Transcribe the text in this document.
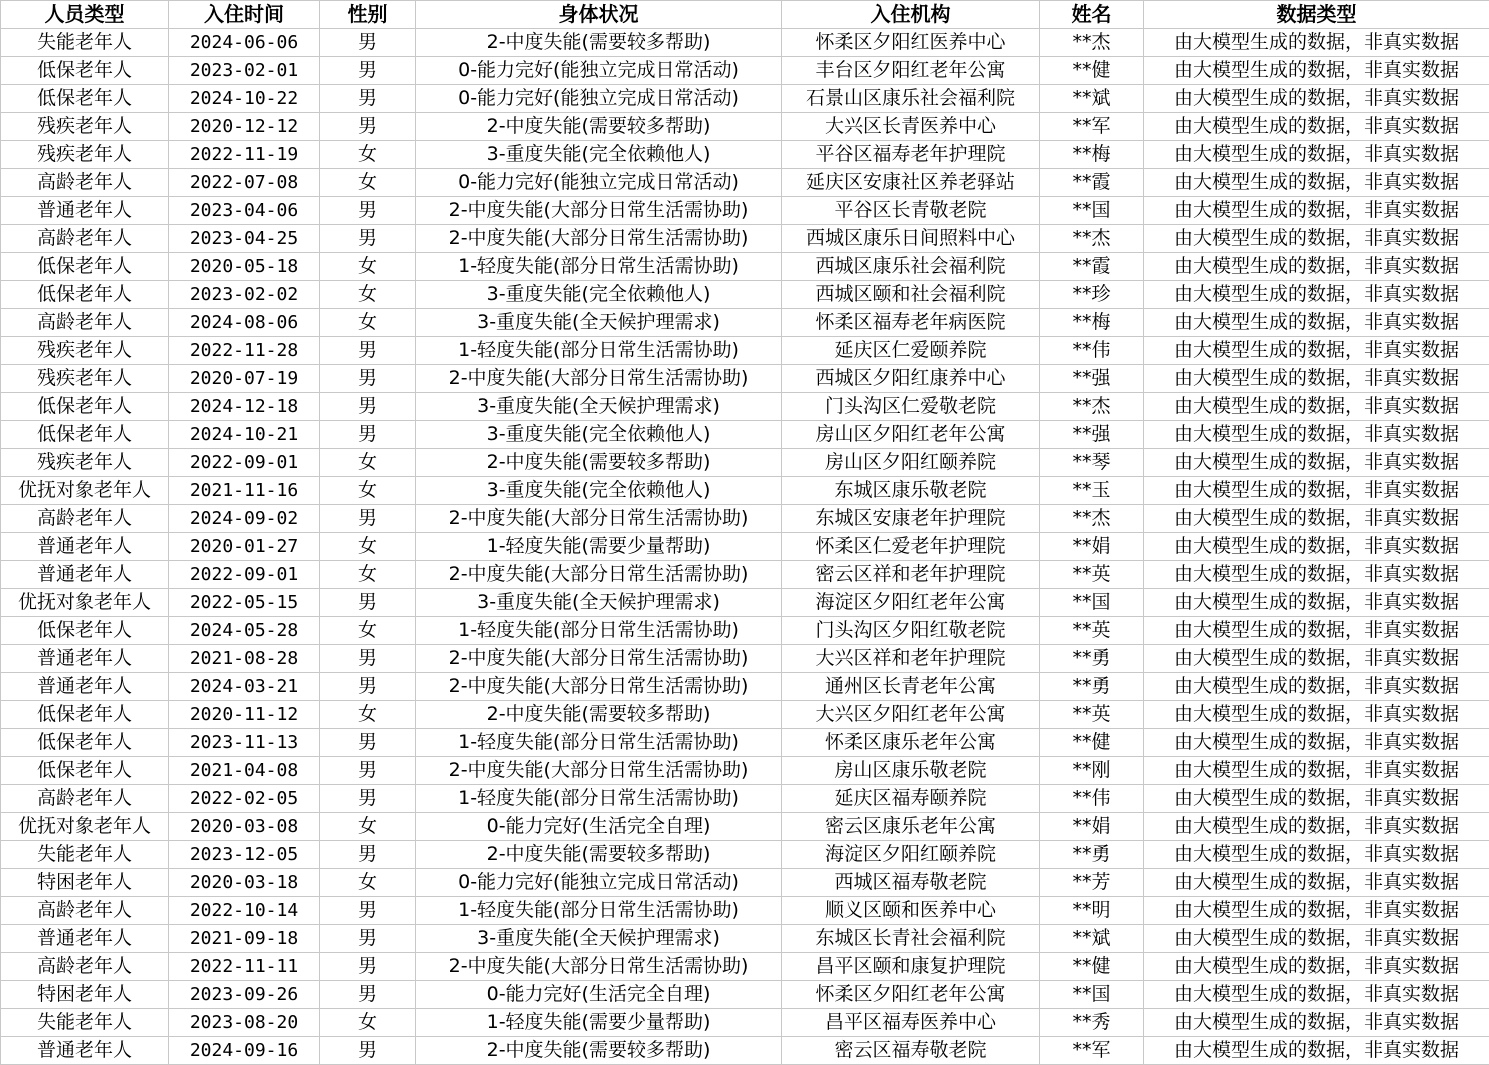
人员类型	入住时间	性别	身体状况	入住机构	姓名	数据类型
失能老年人	2024-06-06	男	2-中度失能(需要较多帮助)	怀柔区夕阳红医养中心	**杰	由大模型生成的数据，非真实数据
低保老年人	2023-02-01	男	0-能力完好(能独立完成日常活动)	丰台区夕阳红老年公寓	**健	由大模型生成的数据，非真实数据
低保老年人	2024-10-22	男	0-能力完好(能独立完成日常活动)	石景山区康乐社会福利院	**斌	由大模型生成的数据，非真实数据
残疾老年人	2020-12-12	男	2-中度失能(需要较多帮助)	大兴区长青医养中心	**军	由大模型生成的数据，非真实数据
残疾老年人	2022-11-19	女	3-重度失能(完全依赖他人)	平谷区福寿老年护理院	**梅	由大模型生成的数据，非真实数据
高龄老年人	2022-07-08	女	0-能力完好(能独立完成日常活动)	延庆区安康社区养老驿站	**霞	由大模型生成的数据，非真实数据
普通老年人	2023-04-06	男	2-中度失能(大部分日常生活需协助)	平谷区长青敬老院	**国	由大模型生成的数据，非真实数据
高龄老年人	2023-04-25	男	2-中度失能(大部分日常生活需协助)	西城区康乐日间照料中心	**杰	由大模型生成的数据，非真实数据
低保老年人	2020-05-18	女	1-轻度失能(部分日常生活需协助)	西城区康乐社会福利院	**霞	由大模型生成的数据，非真实数据
低保老年人	2023-02-02	女	3-重度失能(完全依赖他人)	西城区颐和社会福利院	**珍	由大模型生成的数据，非真实数据
高龄老年人	2024-08-06	女	3-重度失能(全天候护理需求)	怀柔区福寿老年病医院	**梅	由大模型生成的数据，非真实数据
残疾老年人	2022-11-28	男	1-轻度失能(部分日常生活需协助)	延庆区仁爱颐养院	**伟	由大模型生成的数据，非真实数据
残疾老年人	2020-07-19	男	2-中度失能(大部分日常生活需协助)	西城区夕阳红康养中心	**强	由大模型生成的数据，非真实数据
低保老年人	2024-12-18	男	3-重度失能(全天候护理需求)	门头沟区仁爱敬老院	**杰	由大模型生成的数据，非真实数据
低保老年人	2024-10-21	男	3-重度失能(完全依赖他人)	房山区夕阳红老年公寓	**强	由大模型生成的数据，非真实数据
残疾老年人	2022-09-01	女	2-中度失能(需要较多帮助)	房山区夕阳红颐养院	**琴	由大模型生成的数据，非真实数据
优抚对象老年人	2021-11-16	女	3-重度失能(完全依赖他人)	东城区康乐敬老院	**玉	由大模型生成的数据，非真实数据
高龄老年人	2024-09-02	男	2-中度失能(大部分日常生活需协助)	东城区安康老年护理院	**杰	由大模型生成的数据，非真实数据
普通老年人	2020-01-27	女	1-轻度失能(需要少量帮助)	怀柔区仁爱老年护理院	**娟	由大模型生成的数据，非真实数据
普通老年人	2022-09-01	女	2-中度失能(大部分日常生活需协助)	密云区祥和老年护理院	**英	由大模型生成的数据，非真实数据
优抚对象老年人	2022-05-15	男	3-重度失能(全天候护理需求)	海淀区夕阳红老年公寓	**国	由大模型生成的数据，非真实数据
低保老年人	2024-05-28	女	1-轻度失能(部分日常生活需协助)	门头沟区夕阳红敬老院	**英	由大模型生成的数据，非真实数据
普通老年人	2021-08-28	男	2-中度失能(大部分日常生活需协助)	大兴区祥和老年护理院	**勇	由大模型生成的数据，非真实数据
普通老年人	2024-03-21	男	2-中度失能(大部分日常生活需协助)	通州区长青老年公寓	**勇	由大模型生成的数据，非真实数据
低保老年人	2020-11-12	女	2-中度失能(需要较多帮助)	大兴区夕阳红老年公寓	**英	由大模型生成的数据，非真实数据
低保老年人	2023-11-13	男	1-轻度失能(部分日常生活需协助)	怀柔区康乐老年公寓	**健	由大模型生成的数据，非真实数据
低保老年人	2021-04-08	男	2-中度失能(大部分日常生活需协助)	房山区康乐敬老院	**刚	由大模型生成的数据，非真实数据
高龄老年人	2022-02-05	男	1-轻度失能(部分日常生活需协助)	延庆区福寿颐养院	**伟	由大模型生成的数据，非真实数据
优抚对象老年人	2020-03-08	女	0-能力完好(生活完全自理)	密云区康乐老年公寓	**娟	由大模型生成的数据，非真实数据
失能老年人	2023-12-05	男	2-中度失能(需要较多帮助)	海淀区夕阳红颐养院	**勇	由大模型生成的数据，非真实数据
特困老年人	2020-03-18	女	0-能力完好(能独立完成日常活动)	西城区福寿敬老院	**芳	由大模型生成的数据，非真实数据
高龄老年人	2022-10-14	男	1-轻度失能(部分日常生活需协助)	顺义区颐和医养中心	**明	由大模型生成的数据，非真实数据
普通老年人	2021-09-18	男	3-重度失能(全天候护理需求)	东城区长青社会福利院	**斌	由大模型生成的数据，非真实数据
高龄老年人	2022-11-11	男	2-中度失能(大部分日常生活需协助)	昌平区颐和康复护理院	**健	由大模型生成的数据，非真实数据
特困老年人	2023-09-26	男	0-能力完好(生活完全自理)	怀柔区夕阳红老年公寓	**国	由大模型生成的数据，非真实数据
失能老年人	2023-08-20	女	1-轻度失能(需要少量帮助)	昌平区福寿医养中心	**秀	由大模型生成的数据，非真实数据
普通老年人	2024-09-16	男	2-中度失能(需要较多帮助)	密云区福寿敬老院	**军	由大模型生成的数据，非真实数据
